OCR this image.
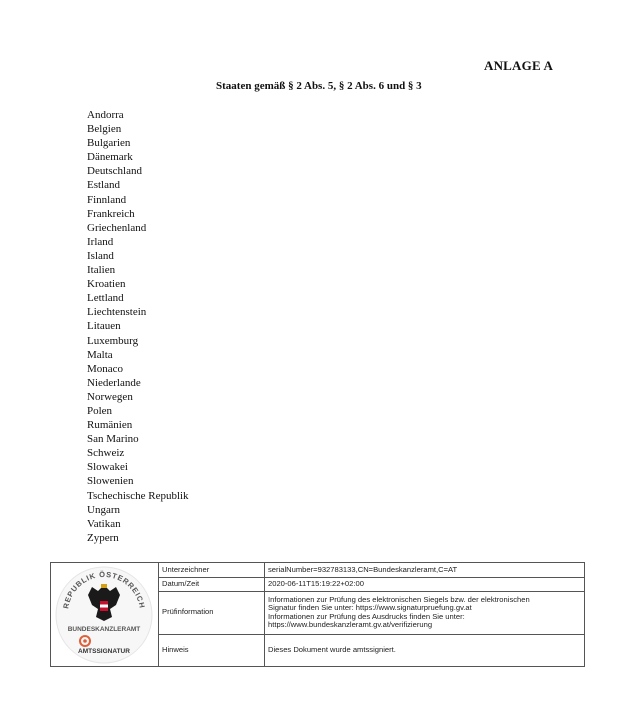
ANLAGE A
Staaten gemäß § 2 Abs. 5, § 2 Abs. 6 und § 3
Andorra
Belgien
Bulgarien
Dänemark
Deutschland
Estland
Finnland
Frankreich
Griechenland
Irland
Island
Italien
Kroatien
Lettland
Liechtenstein
Litauen
Luxemburg
Malta
Monaco
Niederlande
Norwegen
Polen
Rumänien
San Marino
Schweiz
Slowakei
Slowenien
Tschechische Republik
Ungarn
Vatikan
Zypern
REPUBLIK ÖSTERREICH
BUNDESKANZLERAMT
AMTSSIGNATUR
Unterzeichner	serialNumber=932783133,CN=Bundeskanzleramt,C=AT
Datum/Zeit	2020-06-11T15:19:22+02:00
Prüfinformation	Informationen zur Prüfung des elektronischen Siegels bzw. der elektronischen
Signatur finden Sie unter: https://www.signaturpruefung.gv.at
Informationen zur Prüfung des Ausdrucks finden Sie unter:
https://www.bundeskanzleramt.gv.at/verifizierung

Hinweis	Dieses Dokument wurde amtssigniert.
